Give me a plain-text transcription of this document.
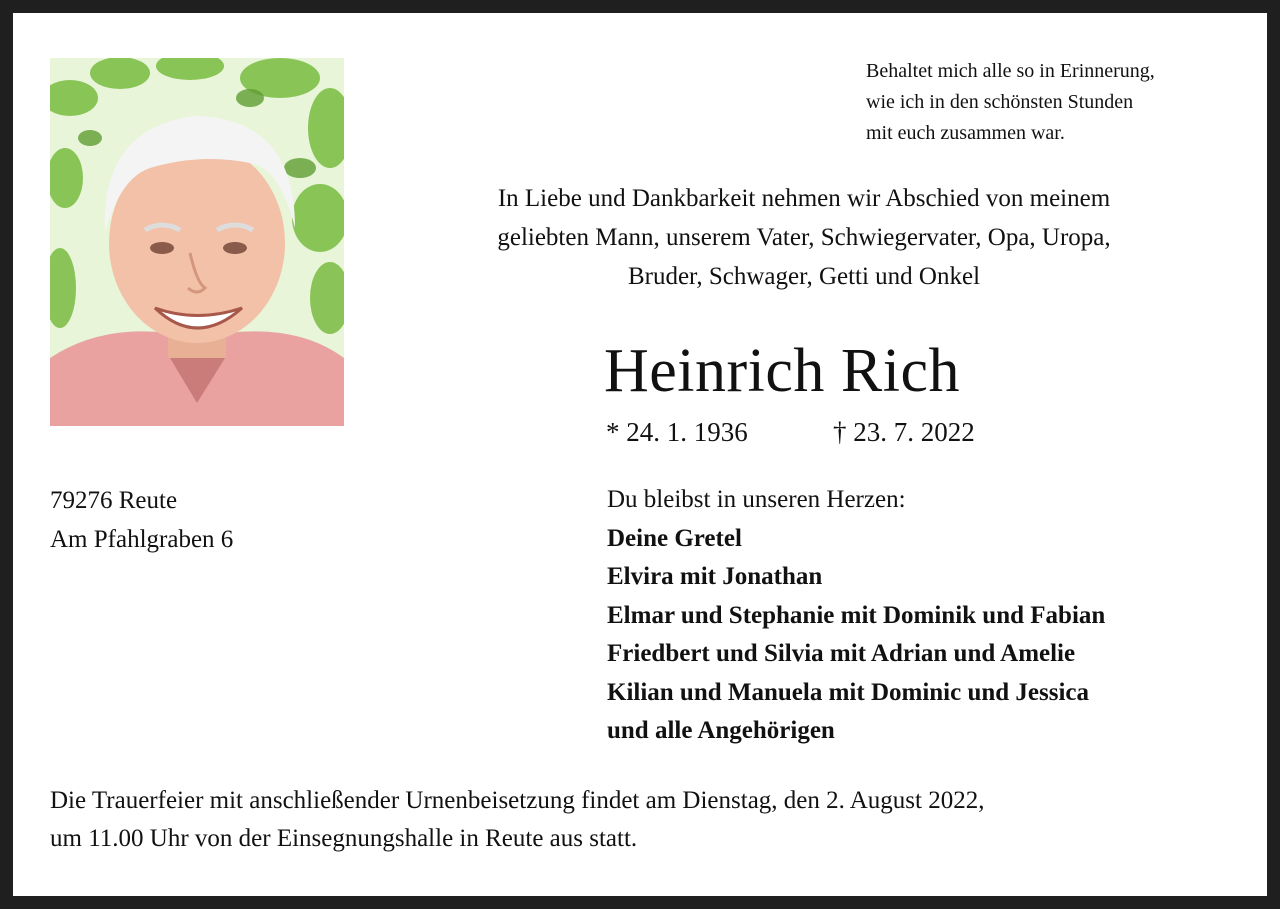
Behaltet mich alle so in Erinnerung,
wie ich in den schönsten Stunden
mit euch zusammen war.
In Liebe und Dankbarkeit nehmen wir Abschied von meinem
geliebten Mann, unserem Vater, Schwiegervater, Opa, Uropa,
Bruder, Schwager, Getti und Onkel
Heinrich Rich
* 24. 1. 1936	† 23. 7. 2022
79276 Reute
Am Pfahlgraben 6
Du bleibst in unseren Herzen:
Deine Gretel
Elvira mit Jonathan
Elmar und Stephanie mit Dominik und Fabian
Friedbert und Silvia mit Adrian und Amelie
Kilian und Manuela mit Dominic und Jessica
und alle Angehörigen
Die Trauerfeier mit anschließender Urnenbeisetzung findet am Dienstag, den 2. August 2022,
um 11.00 Uhr von der Einsegnungshalle in Reute aus statt.
